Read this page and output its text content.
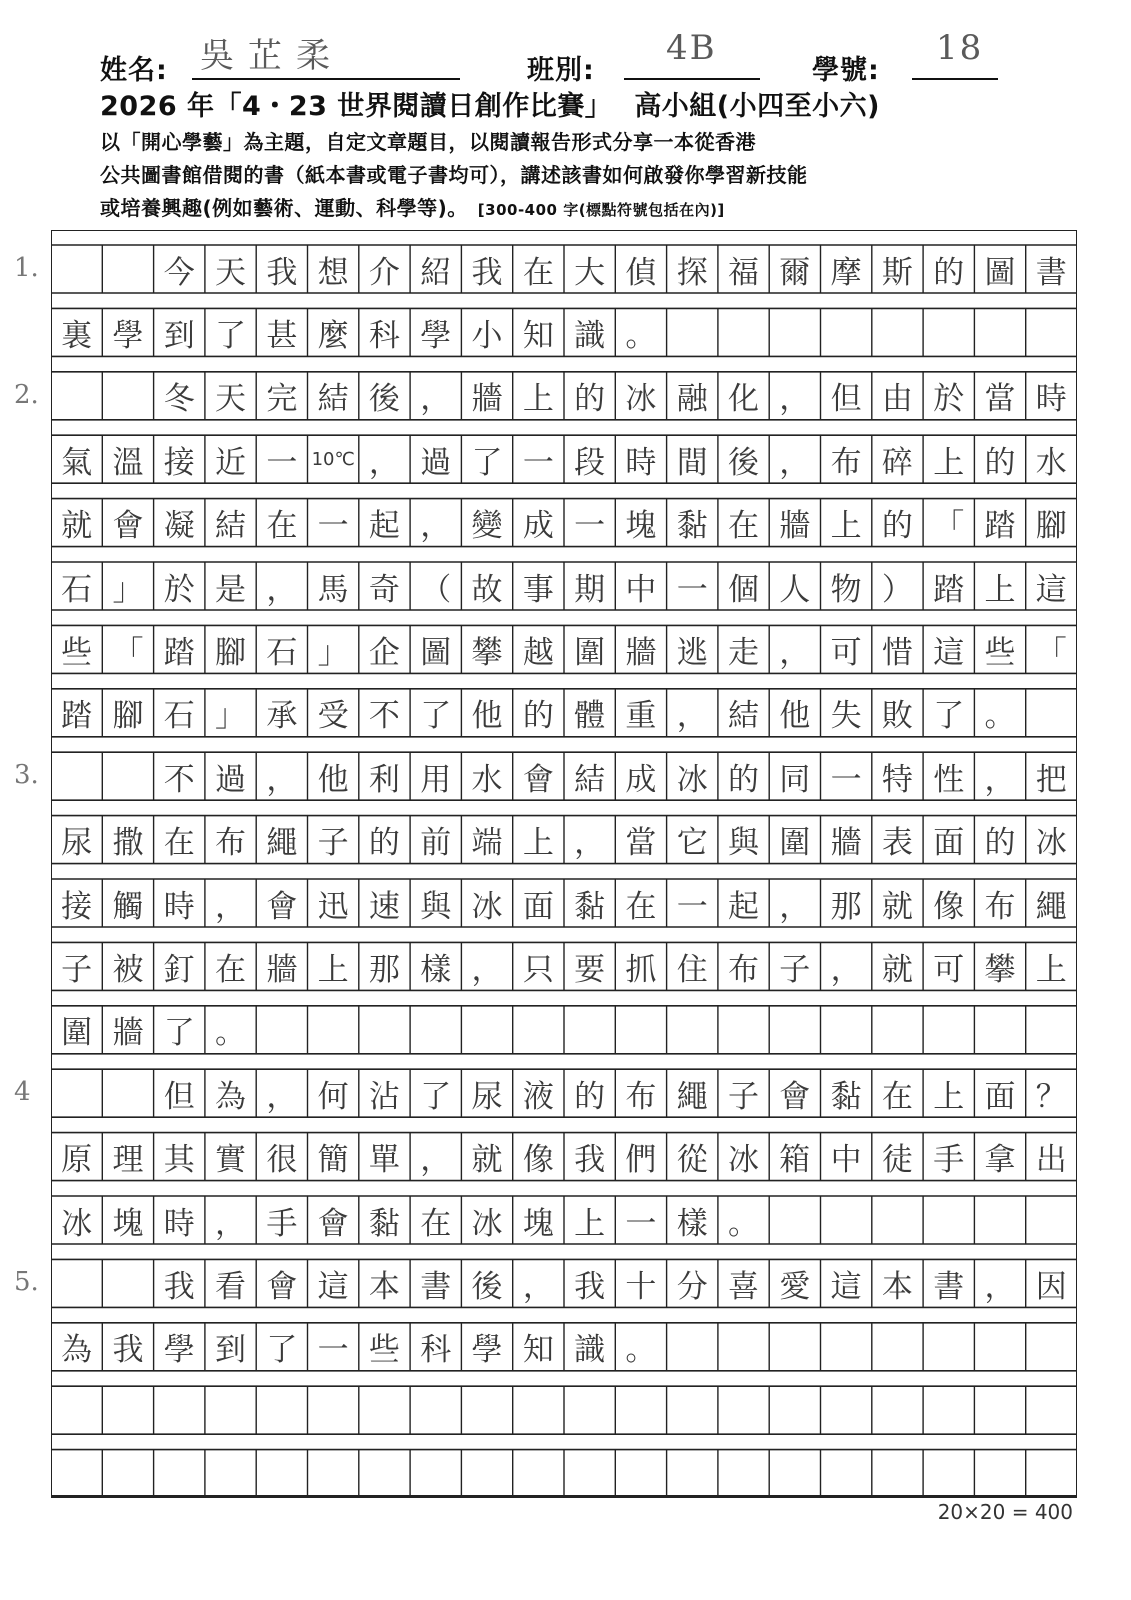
姓名: 吳芷柔	班別:
4B
學號:
18
2026 年「4・23 世界閱讀日創作比賽」 高小組(小四至小六)
以「開心學藝」為主題，自定文章題目，以閱讀報告形式分享一本從香港
公共圖書館借閱的書（紙本書或電子書均可），講述該書如何啟發你學習新技能
或培養興趣(例如藝術、運動、科學等)。 [300-400 字(標點符號包括在內)]
今 天 我 想 介 紹 我 在 大 偵 探 福 爾 摩 斯 的 圖 書
裏 學 到 了 甚 麼 科 學 小 知 識 。
冬 天 完 結 後 ， 牆 上 的 冰 融 化 ， 但 由 於 當 時
氣 溫 接 近 一 10℃ ， 過 了 一 段 時 間 後 ， 布 碎 上 的 水
就 會 凝 結 在 一 起 ， 變 成 一 塊 黏 在 牆 上 的 「 踏 腳
石 」 於 是 ， 馬 奇 （ 故 事 期 中 一 個 人 物 ） 踏 上 這
些 「 踏 腳 石 」 企 圖 攀 越 圍 牆 逃 走 ， 可 惜 這 些 「
踏 腳 石 」 承 受 不 了 他 的 體 重 ， 結 他 失 敗 了 。
不 過 ， 他 利 用 水 會 結 成 冰 的 同 一 特 性 ， 把
尿 撒 在 布 繩 子 的 前 端 上 ， 當 它 與 圍 牆 表 面 的 冰
接 觸 時 ， 會 迅 速 與 冰 面 黏 在 一 起 ， 那 就 像 布 繩
子 被 釘 在 牆 上 那 樣 ， 只 要 抓 住 布 子 ， 就 可 攀 上
圍 牆 了 。
但 為 ， 何 沾 了 尿 液 的 布 繩 子 會 黏 在 上 面 ？
原 理 其 實 很 簡 單 ， 就 像 我 們 從 冰 箱 中 徒 手 拿 出
冰 塊 時 ， 手 會 黏 在 冰 塊 上 一 樣 。
我 看 會 這 本 書 後 ， 我 十 分 喜 愛 這 本 書 ， 因
為 我 學 到 了 一 些 科 學 知 識 。
1.
2.
3.
4
5.
20×20 = 400
